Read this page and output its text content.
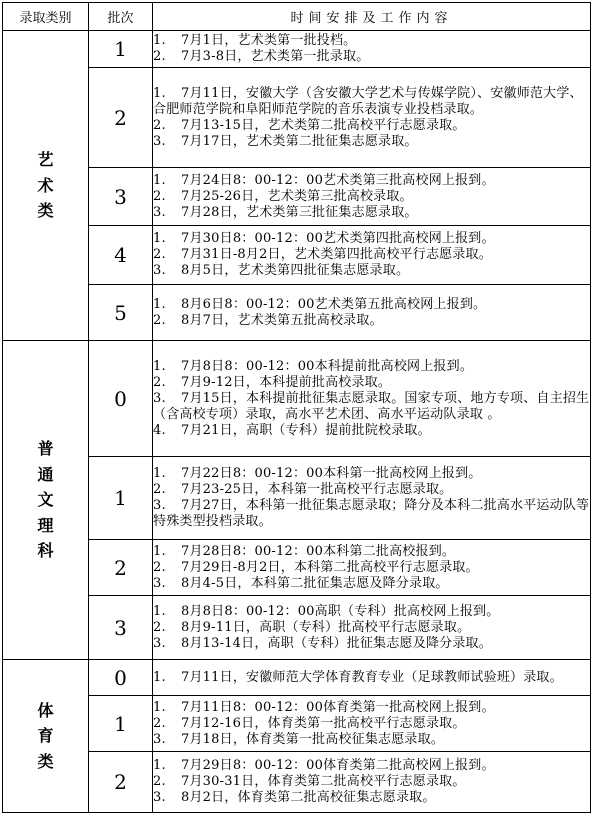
录取类别	批次	时间安排及工作内容
艺术类	1	1. 7月1日，艺术类第一批投档。
2. 7月3-8日，艺术类第一批录取。

	2	1. 7月11日，安徽大学（含安徽大学艺术与传媒学院）、安徽师范大学、合肥师范学院和阜阳师范学院的音乐表演专业投档录取。
2. 7月13-15日，艺术类第二批高校平行志愿录取。
3. 7月17日，艺术类第二批征集志愿录取。

	3	1. 7月24日8：00-12：00艺术类第三批高校网上报到。
2. 7月25-26日，艺术类第三批高校录取。
3. 7月28日，艺术类第三批征集志愿录取。

	4	1. 7月30日8：00-12：00艺术类第四批高校网上报到。
2. 7月31日-8月2日，艺术类第四批高校平行志愿录取。
3. 8月5日，艺术类第四批征集志愿录取。

	5	1. 8月6日8：00-12：00艺术类第五批高校网上报到。
2. 8月7日，艺术类第五批高校录取。

普通文理科	0	1. 7月8日8：00-12：00本科提前批高校网上报到。
2. 7月9-12日，本科提前批高校录取。
3. 7月15日，本科提前批征集志愿录取。国家专项、地方专项、自主招生（含高校专项）录取，高水平艺术团、高水平运动队录取 。
4. 7月21日，高职（专科）提前批院校录取。

	1	1. 7月22日8：00-12：00本科第一批高校网上报到。
2. 7月23-25日，本科第一批高校平行志愿录取。
3. 7月27日，本科第一批征集志愿录取；降分及本科二批高水平运动队等特殊类型投档录取。

	2	1. 7月28日8：00-12：00本科第二批高校报到。
2. 7月29日-8月2日，本科第二批高校平行志愿录取。
3. 8月4-5日，本科第二批征集志愿及降分录取。

	3	1. 8月8日8：00-12：00高职（专科）批高校网上报到。
2. 8月9-11日，高职（专科）批高校平行志愿录取。
3. 8月13-14日，高职（专科）批征集志愿及降分录取。

体育类	0	1. 7月11日，安徽师范大学体育教育专业（足球教师试验班）录取。

	1	1. 7月11日8：00-12：00体育类第一批高校网上报到。
2. 7月12-16日，体育类第一批高校平行志愿录取。
3. 7月18日，体育类第一批高校征集志愿录取。

	2	1. 7月29日8：00-12：00体育类第二批高校网上报到。
2. 7月30-31日，体育类第二批高校平行志愿录取。
3. 8月2日，体育类第二批高校征集志愿录取。
